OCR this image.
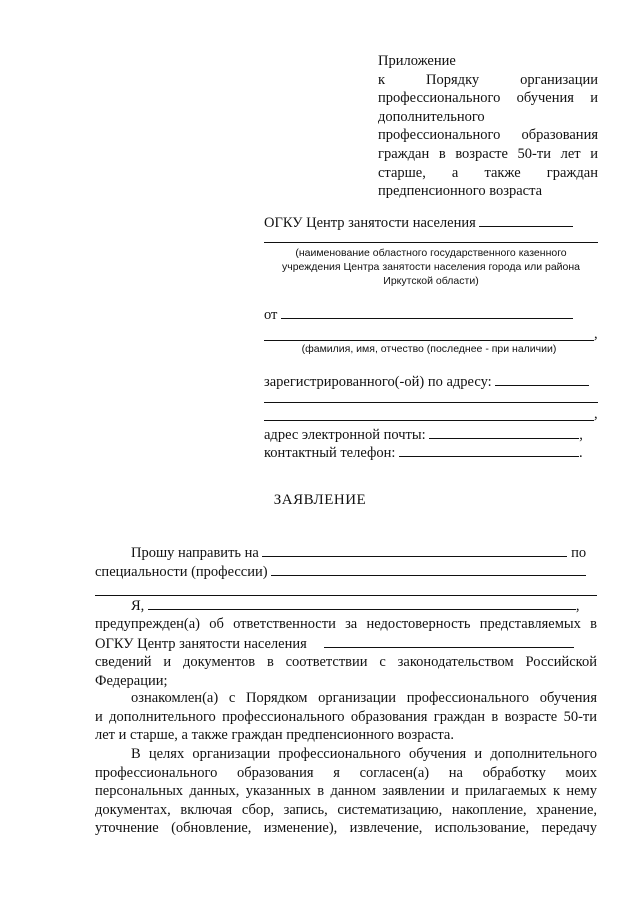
Приложение
к Порядку организации
профессионального обучения и
дополнительного
профессионального образования
граждан в возрасте 50-ти лет и
старше, а также граждан
предпенсионного возраста
ОГКУ Центр занятости населения
(наименование областного государственного казенного учреждения Центра занятости населения города или района Иркутской области)
от
,
(фамилия, имя, отчество (последнее - при наличии)
зарегистрированного(-ой) по адресу:
,
адрес электронной почты:	,
контактный телефон:	.
ЗАЯВЛЕНИЕ
Прошу направить на	по
специальности (профессии)
Я,	,
предупрежден(а) об ответственности за недостоверность представляемых в
ОГКУ Центр занятости населения
сведений и документов в соответствии с законодательством Российской
Федерации;
ознакомлен(а) с Порядком организации профессионального обучения
и дополнительного профессионального образования граждан в возрасте 50-ти
лет и старше, а также граждан предпенсионного возраста.
В целях организации профессионального обучения и дополнительного
профессионального образования я согласен(а) на обработку моих
персональных данных, указанных в данном заявлении и прилагаемых к нему
документах, включая сбор, запись, систематизацию, накопление, хранение,
уточнение (обновление, изменение), извлечение, использование, передачу
